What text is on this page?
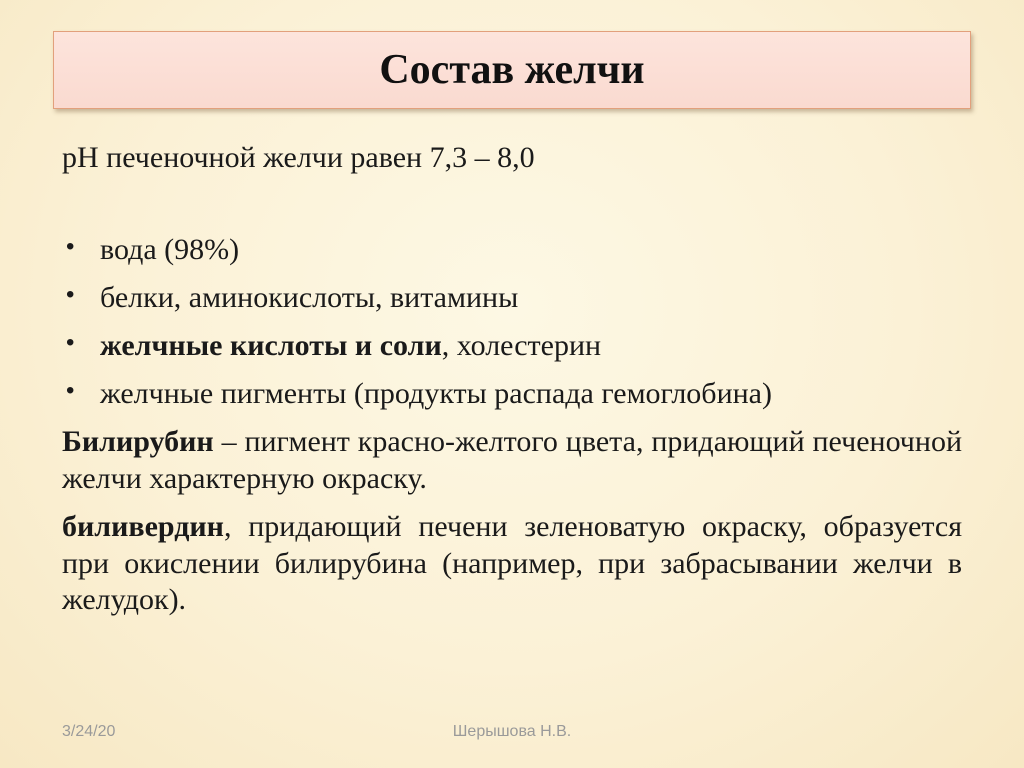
Состав желчи

pH печеночной желчи равен 7,3 – 8,0

• вода (98%)
• белки, аминокислоты, витамины
• желчные кислоты и соли, холестерин
• желчные пигменты (продукты распада гемоглобина)

Билирубин – пигмент красно-желтого цвета, придающий печеночной желчи характерную окраску.

биливердин, придающий печени зеленоватую окраску, образуется при окислении билирубина (например, при забрасывании желчи в желудок).

3/24/20	Шерышова Н.В.
